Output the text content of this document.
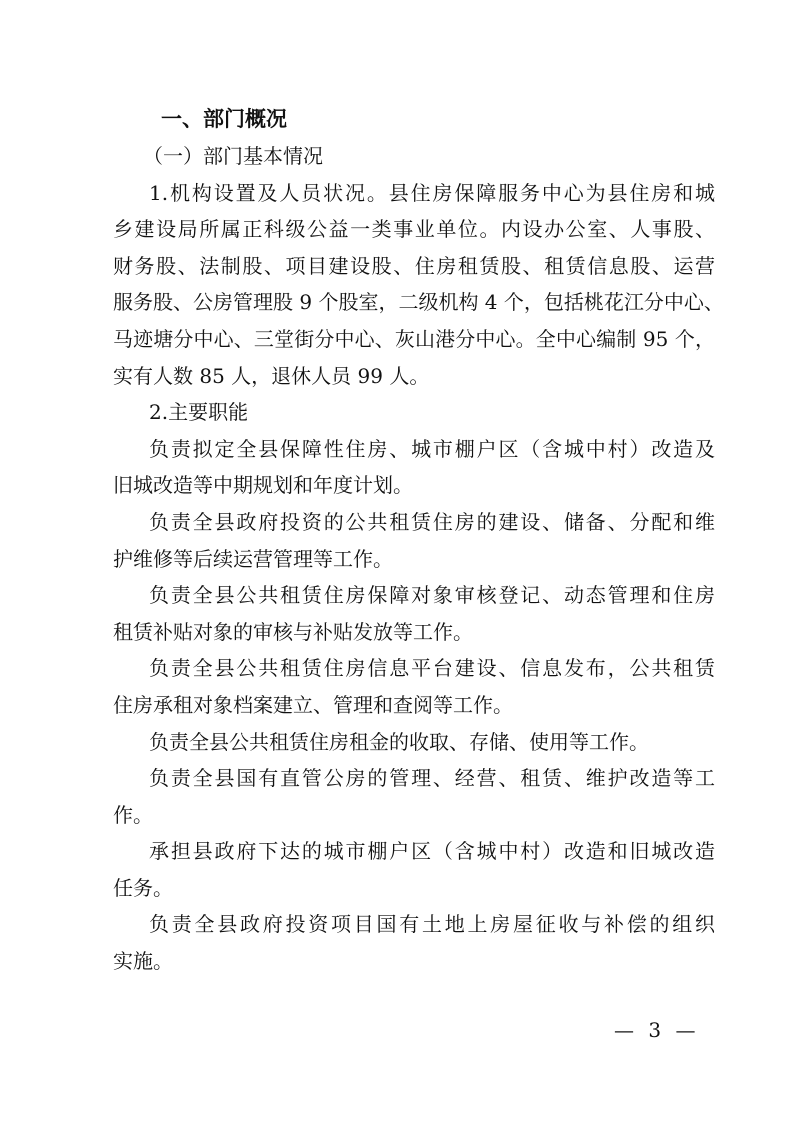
一、部门概况
（一）部门基本情况
1.机构设置及人员状况。县住房保障服务中心为县住房和城
乡建设局所属正科级公益一类事业单位。内设办公室、人事股、
财务股、法制股、项目建设股、住房租赁股、租赁信息股、运营
服务股、公房管理股 9 个股室，二级机构 4 个，包括桃花江分中心、
马迹塘分中心、三堂街分中心、灰山港分中心。全中心编制 95 个，
实有人数 85 人，退休人员 99 人。
2.主要职能
负责拟定全县保障性住房、城市棚户区（含城中村）改造及
旧城改造等中期规划和年度计划。
负责全县政府投资的公共租赁住房的建设、储备、分配和维
护维修等后续运营管理等工作。
负责全县公共租赁住房保障对象审核登记、动态管理和住房
租赁补贴对象的审核与补贴发放等工作。
负责全县公共租赁住房信息平台建设、信息发布，公共租赁
住房承租对象档案建立、管理和查阅等工作。
负责全县公共租赁住房租金的收取、存储、使用等工作。
负责全县国有直管公房的管理、经营、租赁、维护改造等工
作。
承担县政府下达的城市棚户区（含城中村）改造和旧城改造
任务。
负责全县政府投资项目国有土地上房屋征收与补偿的组织
实施。
— 3 —
